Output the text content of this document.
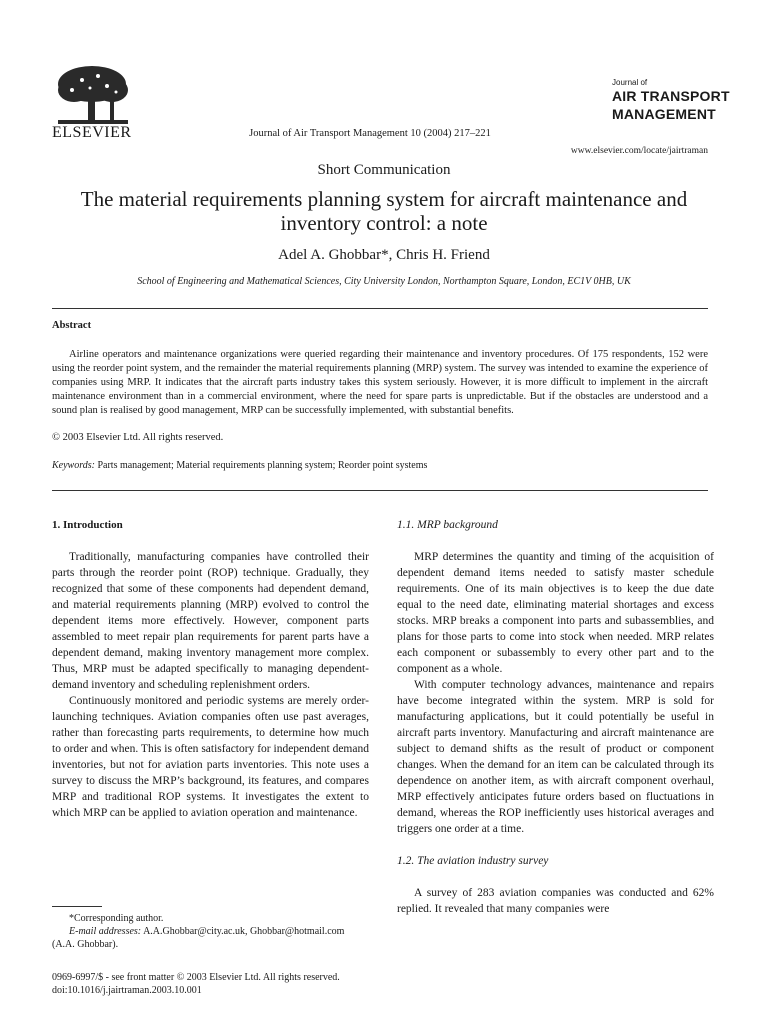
ELSEVIER	Journal of Air Transport Management 10 (2004) 217–221
Journal of
AIR TRANSPORT
MANAGEMENT
www.elsevier.com/locate/jairtraman
Short Communication
The material requirements planning system for aircraft maintenance and inventory control: a note
Adel A. Ghobbar*, Chris H. Friend
School of Engineering and Mathematical Sciences, City University London, Northampton Square, London, EC1V 0HB, UK
Abstract
Airline operators and maintenance organizations were queried regarding their maintenance and inventory procedures. Of 175 respondents, 152 were using the reorder point system, and the remainder the material requirements planning (MRP) system. The survey was intended to examine the experience of companies using MRP. It indicates that the aircraft parts industry takes this system seriously. However, it is more difficult to implement in the aircraft maintenance environment than in a commercial environment, where the need for spare parts is unpredictable. But if the obstacles are understood and a sound plan is realised by good management, MRP can be successfully implemented, with substantial benefits.
© 2003 Elsevier Ltd. All rights reserved.
Keywords: Parts management; Material requirements planning system; Reorder point systems
1. Introduction

Traditionally, manufacturing companies have controlled their parts through the reorder point (ROP) technique. Gradually, they recognized that some of these components had dependent demand, and material requirements planning (MRP) evolved to control the dependent items more effectively. However, component parts assembled to meet repair plan requirements for parent parts have a dependent demand, making inventory management more complex. Thus, MRP must be adapted specifically to managing dependent-demand inventory and scheduling replenishment orders.

Continuously monitored and periodic systems are merely order-launching techniques. Aviation companies often use past averages, rather than forecasting parts requirements, to determine how much to order and when. This is often satisfactory for independent demand inventories, but not for aviation parts inventories. This note uses a survey to discuss the MRP’s background, its features, and compares MRP and traditional ROP systems. It investigates the extent to which MRP can be applied to aviation operation and maintenance.

1.1. MRP background

MRP determines the quantity and timing of the acquisition of dependent demand items needed to satisfy master schedule requirements. One of its main objectives is to keep the due date equal to the need date, eliminating material shortages and excess stocks. MRP breaks a component into parts and subassemblies, and plans for those parts to come into stock when needed. MRP relates each component or subassembly to every other part and to the component as a whole.

With computer technology advances, maintenance and repairs have become integrated within the system. MRP is sold for manufacturing applications, but it could potentially be useful in aircraft parts inventory. Manufacturing and aircraft maintenance are subject to demand shifts as the result of product or component changes. When the demand for an item can be calculated through its dependence on another item, as with aircraft component overhaul, MRP effectively anticipates future orders based on fluctuations in demand, whereas the ROP inefficiently uses historical averages and triggers one order at a time.

1.2. The aviation industry survey

A survey of 283 aviation companies was conducted and 62% replied. It revealed that many companies were

*Corresponding author.
E-mail addresses: A.A.Ghobbar@city.ac.uk, Ghobbar@hotmail.com (A.A. Ghobbar).
0969-6997/$ - see front matter © 2003 Elsevier Ltd. All rights reserved.
doi:10.1016/j.jairtraman.2003.10.001
